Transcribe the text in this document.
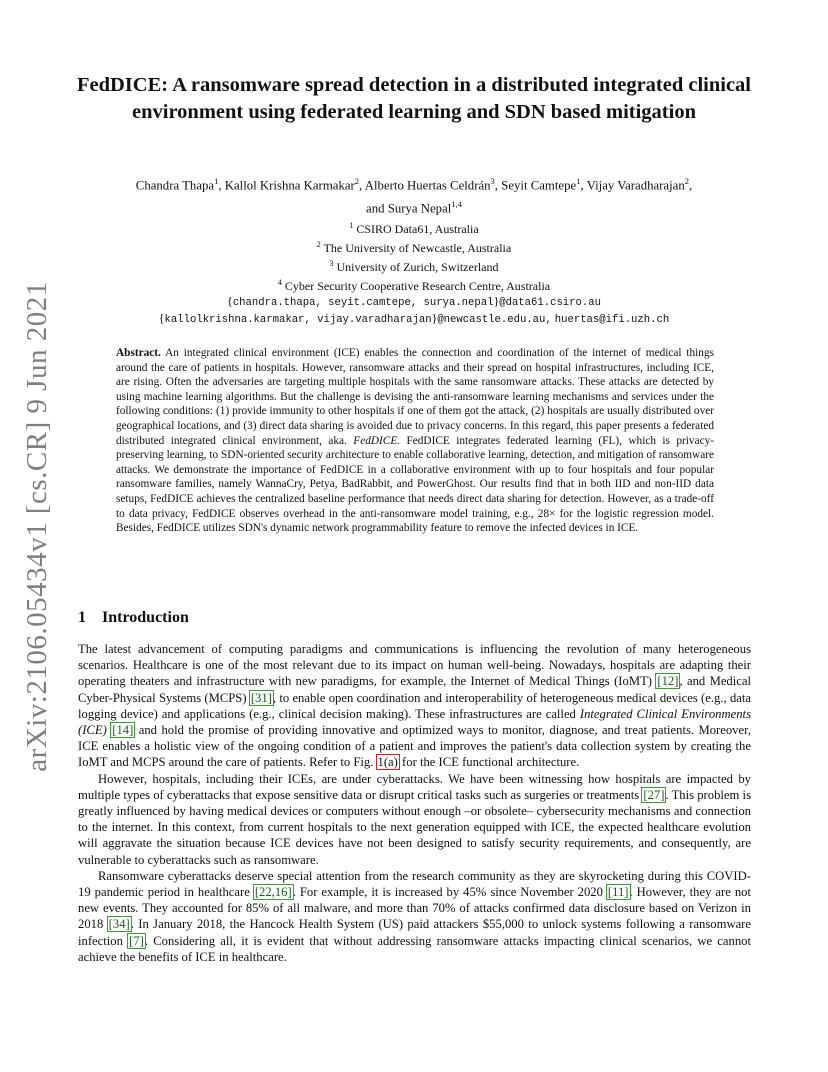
arXiv:2106.05434v1 [cs.CR] 9 Jun 2021
FedDICE: A ransomware spread detection in a distributed integrated clinical environment using federated learning and SDN based mitigation
Chandra Thapa$^1$, Kallol Krishna Karmakar$^2$, Alberto Huertas Celdrán$^3$, Seyit Camtepe$^1$, Vijay Varadharajan$^2$,
and Surya Nepal$^{1,4}$
$^1$ CSIRO Data61, Australia
$^2$ The University of Newcastle, Australia
$^3$ University of Zurich, Switzerland
$^4$ Cyber Security Cooperative Research Centre, Australia
{chandra.thapa, seyit.camtepe, surya.nepal}@data61.csiro.au
{kallolkrishna.karmakar, vijay.varadharajan}@newcastle.edu.au, huertas@ifi.uzh.ch
Abstract. An integrated clinical environment (ICE) enables the connection and coordination of the internet of medical things around the care of patients in hospitals. However, ransomware attacks and their spread on hospital infrastructures, including ICE, are rising. Often the adversaries are targeting multiple hospitals with the same ransomware attacks. These attacks are detected by using machine learning algorithms. But the challenge is devising the anti-ransomware learning mechanisms and services under the following conditions: (1) provide immunity to other hospitals if one of them got the attack, (2) hospitals are usually distributed over geographical locations, and (3) direct data sharing is avoided due to privacy concerns. In this regard, this paper presents a federated distributed integrated clinical environment, aka. FedDICE. FedDICE integrates federated learning (FL), which is privacy-preserving learning, to SDN-oriented security architecture to enable collaborative learning, detection, and mitigation of ransomware attacks. We demonstrate the importance of FedDICE in a collaborative environment with up to four hospitals and four popular ransomware families, namely WannaCry, Petya, BadRabbit, and PowerGhost. Our results find that in both IID and non-IID data setups, FedDICE achieves the centralized baseline performance that needs direct data sharing for detection. However, as a trade-off to data privacy, FedDICE observes overhead in the anti-ransomware model training, e.g., 28× for the logistic regression model. Besides, FedDICE utilizes SDN's dynamic network programmability feature to remove the infected devices in ICE.
1 Introduction

The latest advancement of computing paradigms and communications is influencing the revolution of many heterogeneous scenarios. Healthcare is one of the most relevant due to its impact on human well-being. Nowadays, hospitals are adapting their operating theaters and infrastructure with new paradigms, for example, the Internet of Medical Things (IoMT) [12], and Medical Cyber-Physical Systems (MCPS) [31], to enable open coordination and interoperability of heterogeneous medical devices (e.g., data logging device) and applications (e.g., clinical decision making). These infrastructures are called Integrated Clinical Environments (ICE) [14] and hold the promise of providing innovative and optimized ways to monitor, diagnose, and treat patients. Moreover, ICE enables a holistic view of the ongoing condition of a patient and improves the patient's data collection system by creating the IoMT and MCPS around the care of patients. Refer to Fig. 1(a) for the ICE functional architecture.

However, hospitals, including their ICEs, are under cyberattacks. We have been witnessing how hospitals are impacted by multiple types of cyberattacks that expose sensitive data or disrupt critical tasks such as surgeries or treatments [27]. This problem is greatly influenced by having medical devices or computers without enough –or obsolete– cybersecurity mechanisms and connection to the internet. In this context, from current hospitals to the next generation equipped with ICE, the expected healthcare evolution will aggravate the situation because ICE devices have not been designed to satisfy security requirements, and consequently, are vulnerable to cyberattacks such as ransomware.

Ransomware cyberattacks deserve special attention from the research community as they are skyrocketing during this COVID-19 pandemic period in healthcare [22,16]. For example, it is increased by 45% since November 2020 [11]. However, they are not new events. They accounted for 85% of all malware, and more than 70% of attacks confirmed data disclosure based on Verizon in 2018 [34]. In January 2018, the Hancock Health System (US) paid attackers $55,000 to unlock systems following a ransomware infection [7]. Considering all, it is evident that without addressing ransomware attacks impacting clinical scenarios, we cannot achieve the benefits of ICE in healthcare.
